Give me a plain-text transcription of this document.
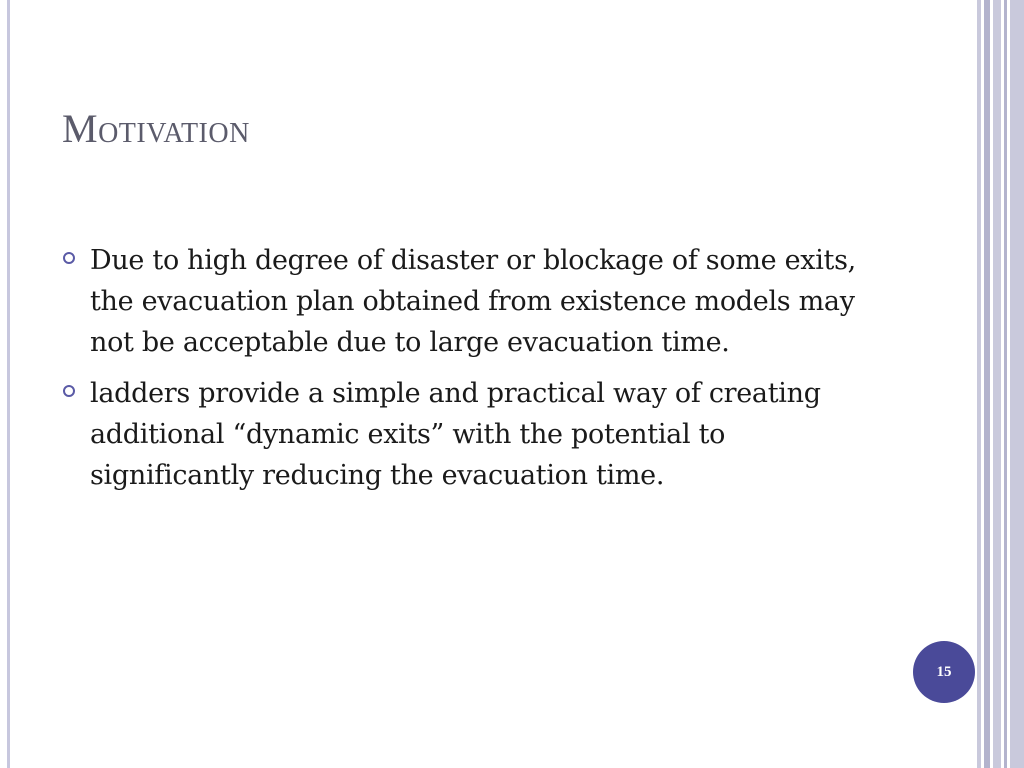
Motivation
Due to high degree of disaster or blockage of some exits, the evacuation plan obtained from existence models may not be acceptable due to large evacuation time.
ladders provide a simple and practical way of creating additional “dynamic exits” with the potential to significantly reducing the evacuation time.
15
